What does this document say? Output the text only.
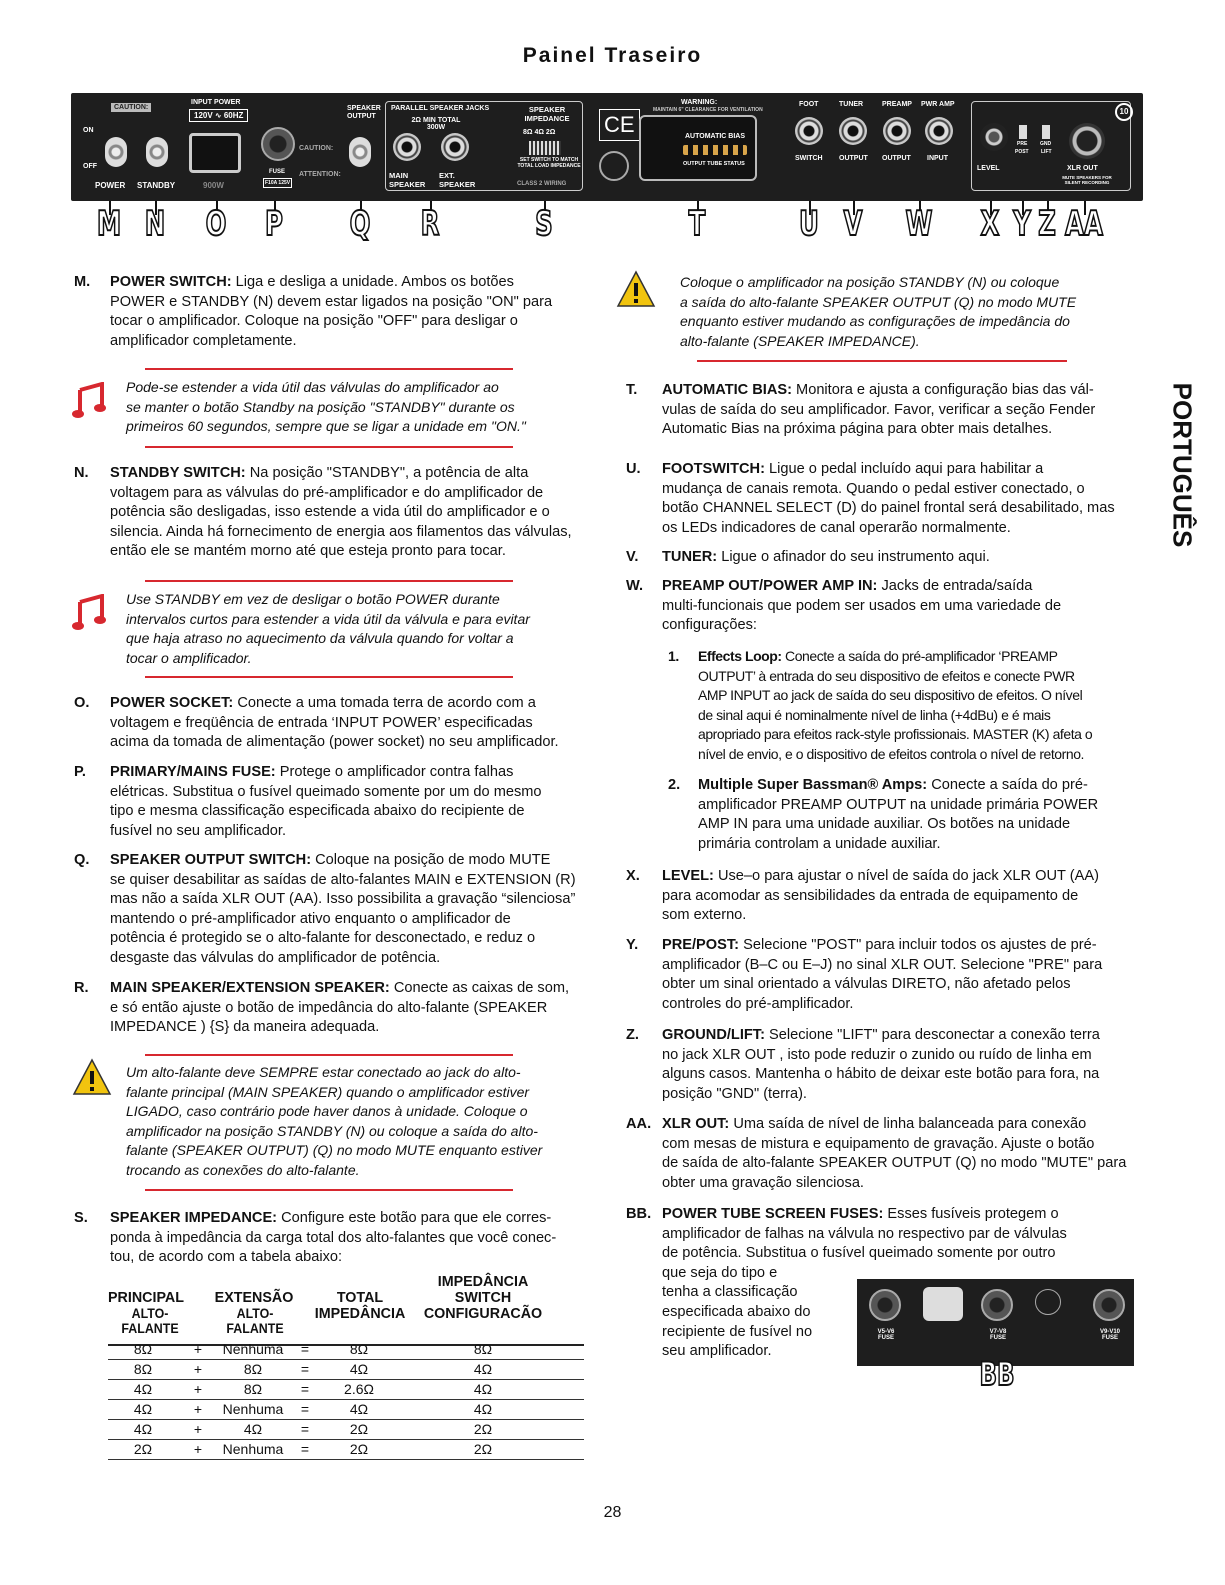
Painel Traseiro
CAUTION:
INPUT POWER
120V ∿ 60HZ
ON
OFF
POWER STANDBY	900W
FUSE
F10A 125V
CAUTION:
ATTENTION:
SPEAKER OUTPUT
PARALLEL SPEAKER JACKS
2Ω MIN TOTAL 300W
MAIN SPEAKER
EXT. SPEAKER
SPEAKER IMPEDANCE
8Ω 4Ω 2Ω
SET SWITCH TO MATCH TOTAL LOAD IMPEDANCE
CLASS 2 WIRING
CE
WARNING:
MAINTAIN 6" CLEARANCE FOR VENTILATION
AUTOMATIC BIAS
OUTPUT TUBE STATUS
FOOT	TUNER	PREAMP PWR AMP
SWITCH OUTPUT OUTPUT INPUT
LEVEL
PRE
POST
GND
LIFT
XLR OUT
MUTE SPEAKERS FOR SILENT RECORDING
10
M N O P Q R	S	T	U V W X Y Z AA
M. POWER SWITCH: Liga e desliga a unidade. Ambos os botões
POWER e STANDBY (N) devem estar ligados na posição "ON" para
tocar o amplificador. Coloque na posição "OFF" para desligar o
amplificador completamente.
Pode-se estender a vida útil das válvulas do amplificador ao
se manter o botão Standby na posição "STANDBY" durante os
primeiros 60 segundos, sempre que se ligar a unidade em "ON."
N. STANDBY SWITCH: Na posição "STANDBY", a potência de alta
voltagem para as válvulas do pré-amplificador e do amplificador de
potência são desligadas, isso estende a vida útil do amplificador e o
silencia. Ainda há fornecimento de energia aos filamentos das válvulas,
então ele se mantém morno até que esteja pronto para tocar.
Use STANDBY em vez de desligar o botão POWER durante
intervalos curtos para estender a vida útil da válvula e para evitar
que haja atraso no aquecimento da válvula quando for voltar a
tocar o amplificador.
O. POWER SOCKET: Conecte a uma tomada terra de acordo com a
voltagem e freqüência de entrada ‘INPUT POWER’ especificadas
acima da tomada de alimentação (power socket) no seu amplificador.
P. PRIMARY/MAINS FUSE: Protege o amplificador contra falhas
elétricas. Substitua o fusível queimado somente por um do mesmo
tipo e mesma classificação especificada abaixo do recipiente de
fusível no seu amplificador.
Q. SPEAKER OUTPUT SWITCH: Coloque na posição de modo MUTE
se quiser desabilitar as saídas de alto-falantes MAIN e EXTENSION (R)
mas não a saída XLR OUT (AA). Isso possibilita a gravação “silenciosa”
mantendo o pré-amplificador ativo enquanto o amplificador de
potência é protegido se o alto-falante for desconectado, e reduz o
desgaste das válvulas do amplificador de potência.
R. MAIN SPEAKER/EXTENSION SPEAKER: Conecte as caixas de som,
e só então ajuste o botão de impedância do alto-falante (SPEAKER
IMPEDANCE ) {S} da maneira adequada.
Um alto-falante deve SEMPRE estar conectado ao jack do alto-
falante principal (MAIN SPEAKER) quando o amplificador estiver
LIGADO, caso contrário pode haver danos à unidade. Coloque o
amplificador na posição STANDBY (N) ou coloque a saída do alto-
falante (SPEAKER OUTPUT) (Q) no modo MUTE enquanto estiver
trocando as conexões do alto-falante.
S. SPEAKER IMPEDANCE: Configure este botão para que ele corres-
ponda à impedância da carga total dos alto-falantes que você conec-
tou, de acordo com a tabela abaixo:
PRINCIPAL
ALTO-FALANTE
EXTENSÃO
ALTO-FALANTE
TOTAL
IMPEDÂNCIA
IMPEDÂNCIA
SWITCH
CONFIGURACÃO
8Ω	+	Nenhuma	=	8Ω	8Ω
8Ω	+	8Ω	=	4Ω	4Ω
4Ω	+	8Ω	=	2.6Ω	4Ω
4Ω	+	Nenhuma	=	4Ω	4Ω
4Ω	+	4Ω	=	2Ω	2Ω
2Ω	+	Nenhuma	=	2Ω	2Ω
Coloque o amplificador na posição STANDBY (N) ou coloque
a saída do alto-falante SPEAKER OUTPUT (Q) no modo MUTE
enquanto estiver mudando as configurações de impedância do
alto-falante (SPEAKER IMPEDANCE).
T. AUTOMATIC BIAS: Monitora e ajusta a configuração bias das vál-
vulas de saída do seu amplificador. Favor, verificar a seção Fender
Automatic Bias na próxima página para obter mais detalhes.
U. FOOTSWITCH: Ligue o pedal incluído aqui para habilitar a
mudança de canais remota. Quando o pedal estiver conectado, o
botão CHANNEL SELECT (D) do painel frontal será desabilitado, mas
os LEDs indicadores de canal operarão normalmente.
V. TUNER: Ligue o afinador do seu instrumento aqui.
W. PREAMP OUT/POWER AMP IN: Jacks de entrada/saída
multi-funcionais que podem ser usados em uma variedade de
configurações:
1. Effects Loop: Conecte a saída do pré-amplificador ‘PREAMP
OUTPUT’ à entrada do seu dispositivo de efeitos e conecte PWR
AMP INPUT ao jack de saída do seu dispositivo de efeitos. O nível
de sinal aqui é nominalmente nível de linha (+4dBu) e é mais
apropriado para efeitos rack-style profissionais. MASTER (K) afeta o
nível de envio, e o dispositivo de efeitos controla o nível de retorno.
2. Multiple Super Bassman® Amps: Conecte a saída do pré-
amplificador PREAMP OUTPUT na unidade primária POWER
AMP IN para uma unidade auxiliar. Os botões na unidade
primária controlam a unidade auxiliar.
X. LEVEL: Use–o para ajustar o nível de saída do jack XLR OUT (AA)
para acomodar as sensibilidades da entrada de equipamento de
som externo.
Y. PRE/POST: Selecione "POST" para incluir todos os ajustes de pré-
amplificador (B–C ou E–J) no sinal XLR OUT. Selecione "PRE" para
obter um sinal orientado a válvulas DIRETO, não afetado pelos
controles do pré-amplificador.
Z. GROUND/LIFT: Selecione "LIFT" para desconectar a conexão terra
no jack XLR OUT , isto pode reduzir o zunido ou ruído de linha em
alguns casos. Mantenha o hábito de deixar este botão para fora, na
posição "GND" (terra).
AA. XLR OUT: Uma saída de nível de linha balanceada para conexão
com mesas de mistura e equipamento de gravação. Ajuste o botão
de saída de alto-falante SPEAKER OUTPUT (Q) no modo "MUTE" para
obter uma gravação silenciosa.
BB. POWER TUBE SCREEN FUSES: Esses fusíveis protegem o
amplificador de falhas na válvula no respectivo par de válvulas
de potência. Substitua o fusível queimado somente por outro
que seja do tipo e
tenha a classificação
especificada abaixo do
recipiente de fusível no
seu amplificador.
V5-V6 FUSE
V7-V8 FUSE
V9-V10 FUSE
BB
PORTUGUÊS
28
